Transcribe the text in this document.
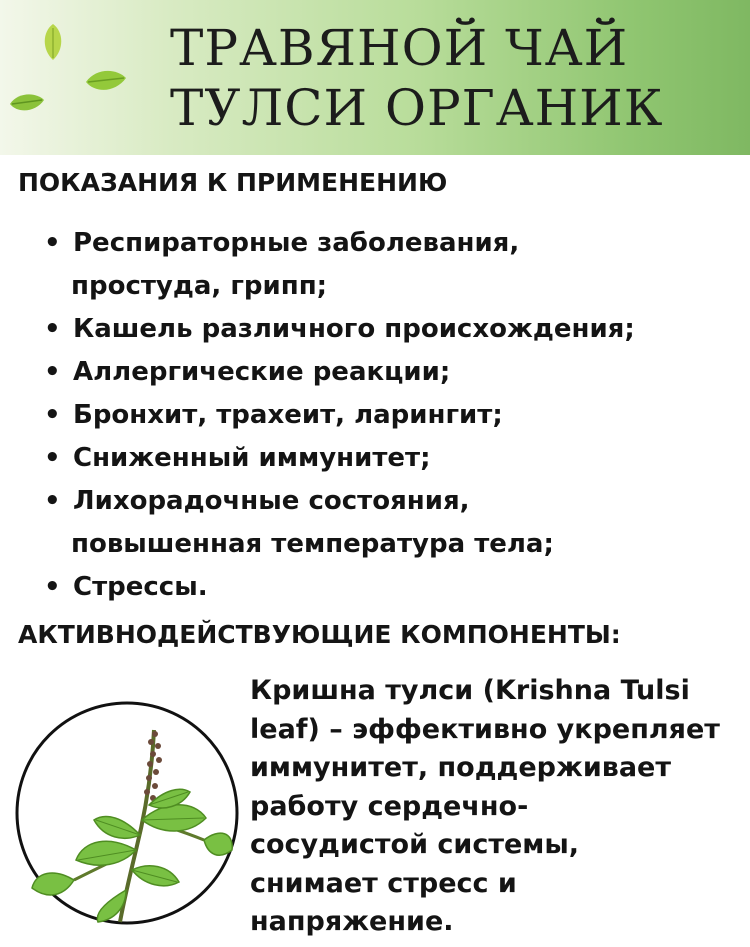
ТРАВЯНОЙ ЧАЙ
ТУЛСИ ОРГАНИК
ПОКАЗАНИЯ К ПРИМЕНЕНИЮ
• Респираторные заболевания,
простуда, грипп;
• Кашель различного происхождения;
• Аллергические реакции;
• Бронхит, трахеит, ларингит;
• Сниженный иммунитет;
• Лихорадочные состояния,
повышенная температура тела;
• Стрессы.
АКТИВНОДЕЙСТВУЮЩИЕ КОМПОНЕНТЫ:

Кришна тулси (Krishna Tulsi
leaf) – эффективно укрепляет
иммунитет, поддерживает
работу сердечно-
сосудистой системы,
снимает стресс и
напряжение.
